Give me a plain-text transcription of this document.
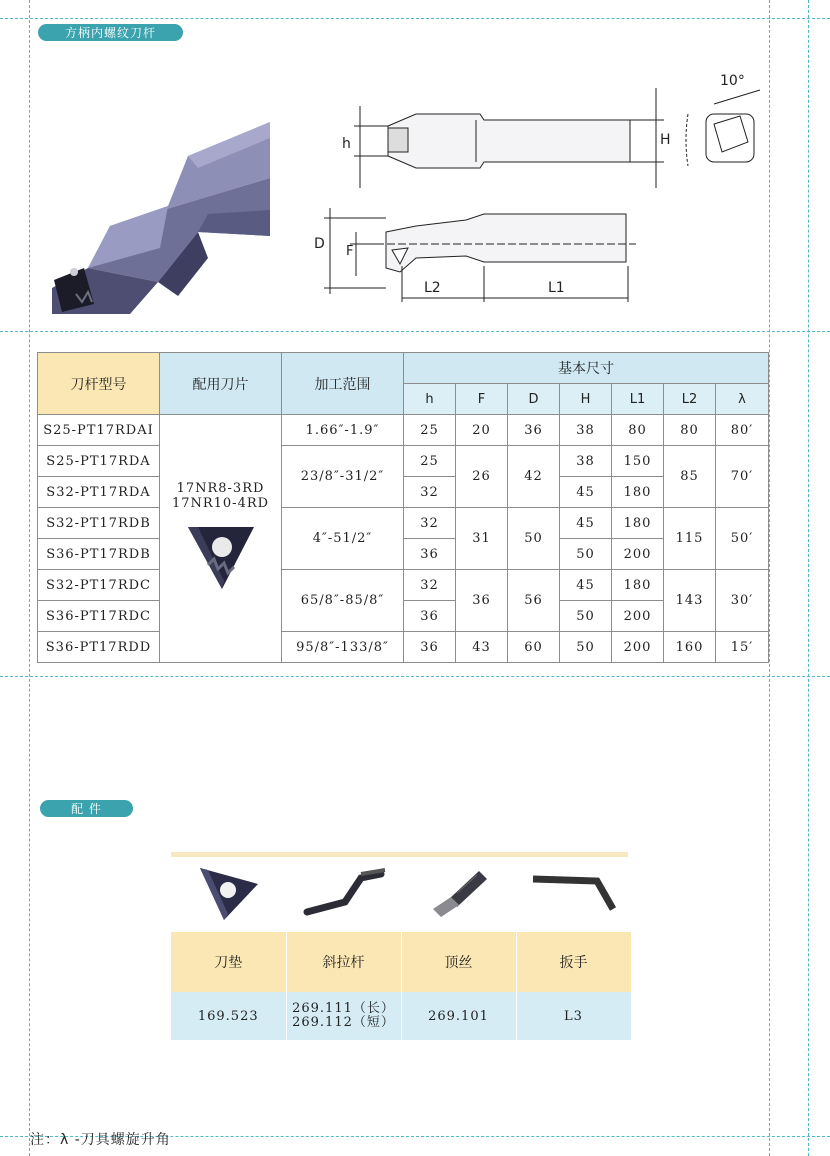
方柄内螺纹刀杆
10°
h	H
D F
L2	L1
刀杆型号	配用刀片	加工范围	基本尺寸						
			h	F	D	H	L1	L2	λ
S25-PT17RDAⅠ	17NR8-3RD
17NR10-4RD	1.66″-1.9″	25	20	36	38	80	80	80′
S25-PT17RDA		23/8″-31/2″	25	26	42	38	150	85	70′
S32-PT17RDA			32			45	180		
S32-PT17RDB		4″-51/2″	32	31	50	45	180	115	50′
S36-PT17RDB			36			50	200		
S32-PT17RDC		65/8″-85/8″	32	36	56	45	180	143	30′
S36-PT17RDC			36			50	200		
S36-PT17RDD		95/8″-133/8″	36	43	60	50	200	160	15′
配 件

刀垫	斜拉杆	顶丝	扳手
169.523	269.111（长）
269.112（短）	269.101	L3
注：λ -刀具螺旋升角
